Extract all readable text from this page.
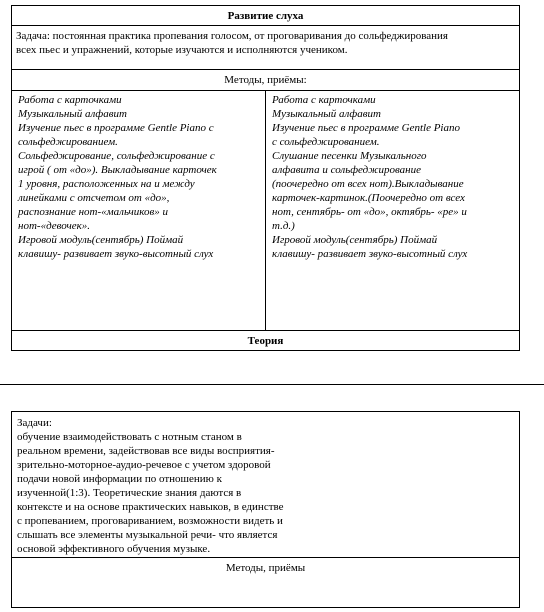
Развитие слуха

Задача: постоянная практика пропевания голосом, от проговаривания до сольфеджирования
всех пьес и упражнений, которые изучаются и исполняются учеником.

Методы, приёмы:

Работа с карточками
Музыкальный алфавит
Изучение пьес в программе Gentle Piano с
сольфеджированием.
Сольфеджирование, сольфеджирование с
игрой ( от «до»). Выкладывание карточек
1 уровня, расположенных на и между
линейками с отсчетом от «до»,
распознание нот-«мальчиков» и
нот-«девочек».
Игровой модуль(сентябрь) Поймай
клавишу- развивает звуко-высотный слух

Работа с карточками
Музыкальный алфавит
Изучение пьес в программе Gentle Piano
с сольфеджированием.
Слушание песенки Музыкального
алфавита и сольфеджирование
(поочередно от всех нот).Выкладывание
карточек-картинок.(Поочередно от всех
нот, сентябрь- от «до», октябрь- «ре» и
т.д.)
Игровой модуль(сентябрь) Поймай
клавишу- развивает звуко-высотный слух

Теория
Задачи:
обучение взаимодействовать с нотным станом в
реальном времени, задействовав все виды восприятия-
зрительно-моторное-аудио-речевое с учетом здоровой
подачи новой информации по отношению к
изученной(1:3). Теоретические знания даются в
контексте и на основе практических навыков, в единстве
с пропеванием, проговариванием, возможности видеть и
слышать все элементы музыкальной речи- что является
основой эффективного обучения музыке.

Методы, приёмы
